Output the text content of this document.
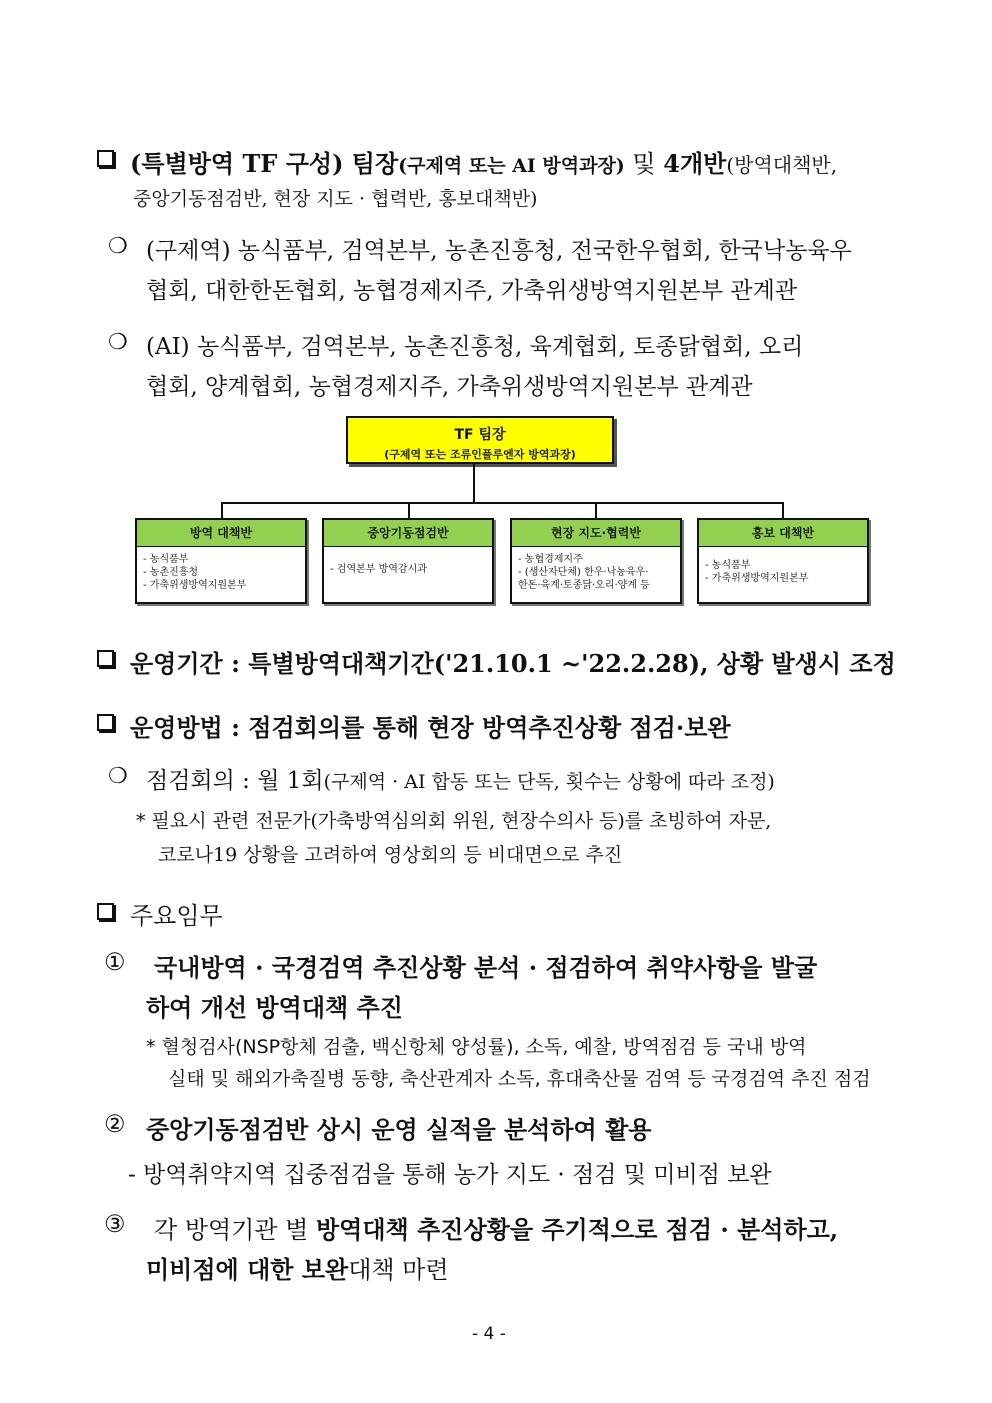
(특별방역 TF 구성) 팀장(구제역 또는 AI 방역과장) 및 4개반(방역대책반,
중앙기동점검반, 현장 지도 · 협력반, 홍보대책반)
❍ (구제역) 농식품부, 검역본부, 농촌진흥청, 전국한우협회, 한국낙농육우
협회, 대한한돈협회, 농협경제지주, 가축위생방역지원본부 관계관
❍ (AI) 농식품부, 검역본부, 농촌진흥청, 육계협회, 토종닭협회, 오리
협회, 양계협회, 농협경제지주, 가축위생방역지원본부 관계관
TF 팀장
(구제역 또는 조류인플루엔자 방역과장)
방역 대책반
- 농식품부
- 농촌진흥청
- 가축위생방역지원본부
중앙기동점검반
- 검역본부 방역감시과
현장 지도·협력반
- 농협경제지주
- (생산자단체) 한우·낙농육우·
한돈·육계·토종닭·오리·양계 등
홍보 대책반
- 농식품부
- 가축위생방역지원본부
운영기간 : 특별방역대책기간('21.10.1 ~'22.2.28), 상황 발생시 조정
운영방법 : 점검회의를 통해 현장 방역추진상황 점검·보완
❍ 점검회의 : 월 1회(구제역 · AI 합동 또는 단독, 횟수는 상황에 따라 조정)
* 필요시 관련 전문가(가축방역심의회 위원, 현장수의사 등)를 초빙하여 자문,
코로나19 상황을 고려하여 영상회의 등 비대면으로 추진
주요임무
① 국내방역 · 국경검역 추진상황 분석 · 점검하여 취약사항을 발굴
하여 개선 방역대책 추진
* 혈청검사(NSP항체 검출, 백신항체 양성률), 소독, 예찰, 방역점검 등 국내 방역
실태 및 해외가축질병 동향, 축산관계자 소독, 휴대축산물 검역 등 국경검역 추진 점검
② 중앙기동점검반 상시 운영 실적을 분석하여 활용
- 방역취약지역 집중점검을 통해 농가 지도 · 점검 및 미비점 보완
③ 각 방역기관 별 방역대책 추진상황을 주기적으로 점검 · 분석하고,
미비점에 대한 보완대책 마련
- 4 -
